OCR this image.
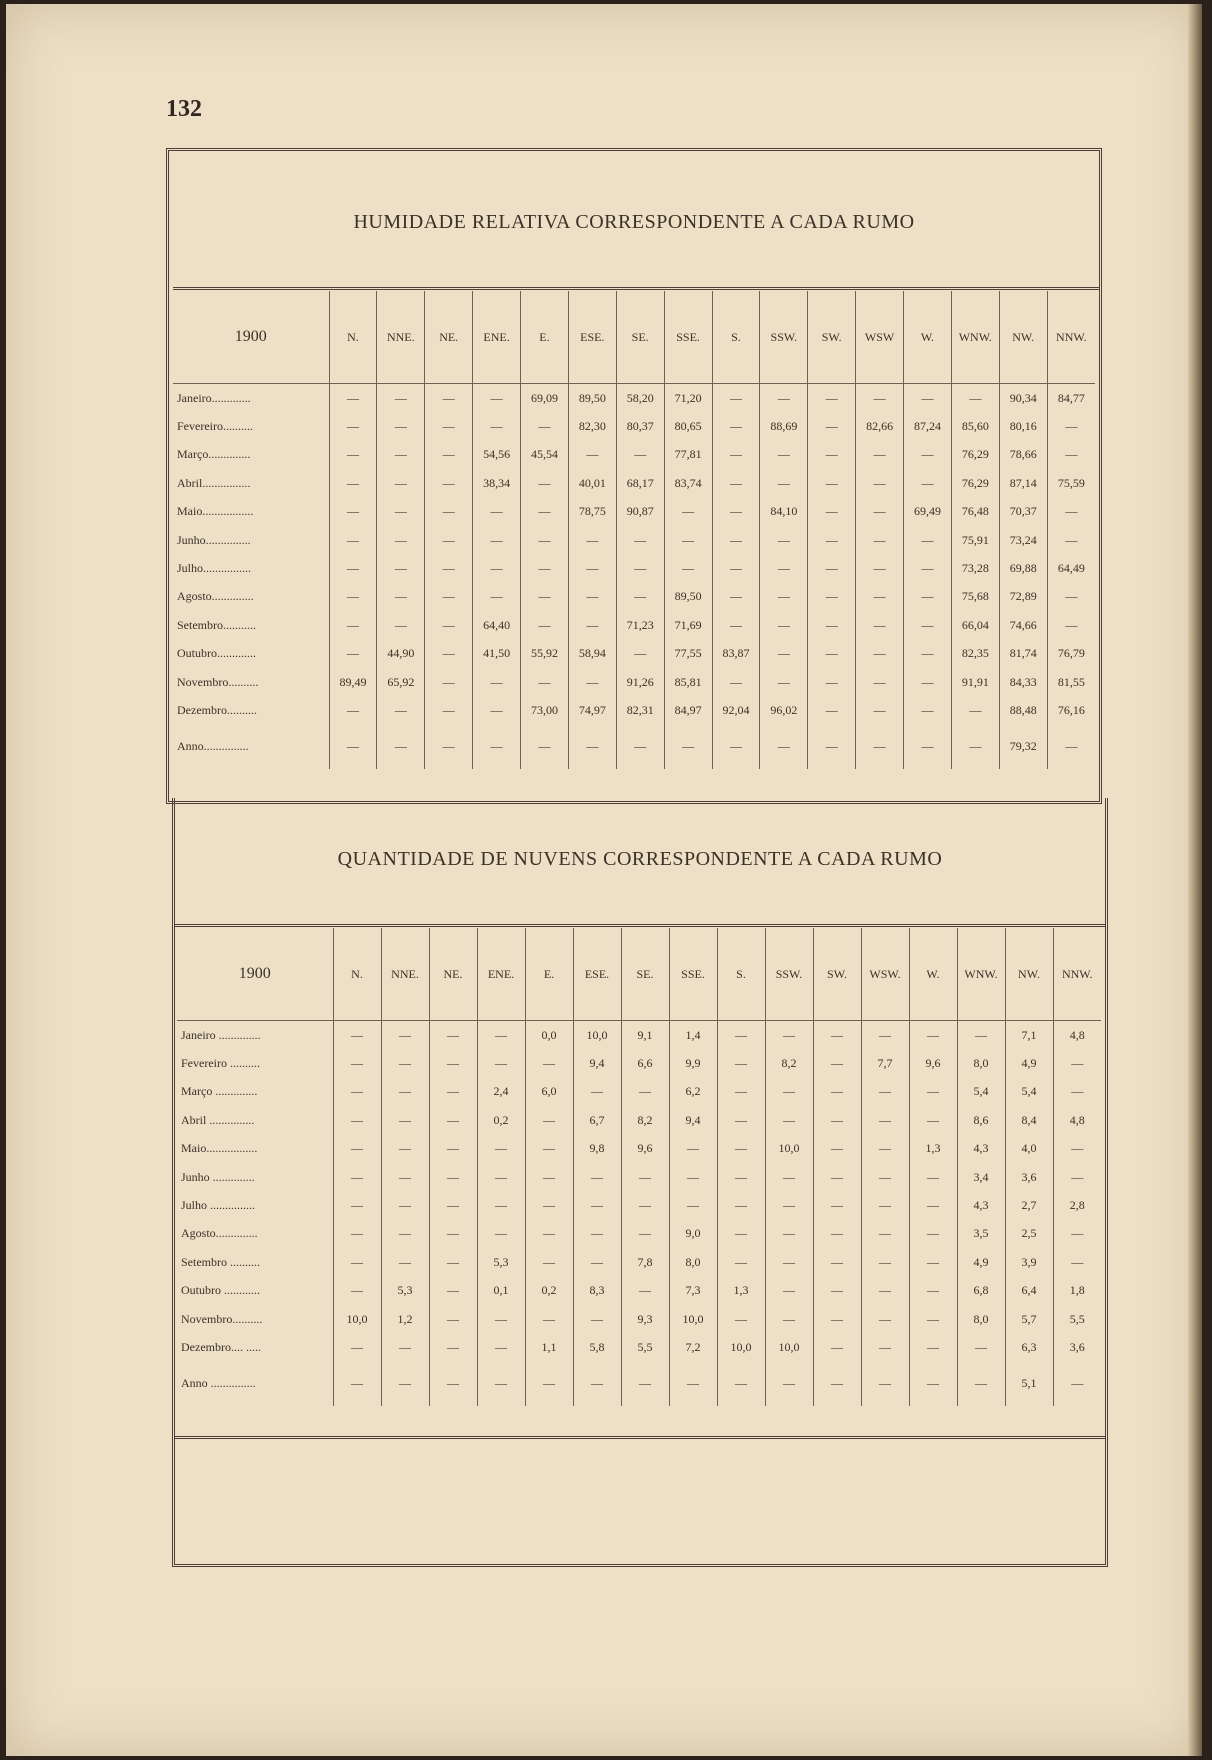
132
HUMIDADE RELATIVA CORRESPONDENTE A CADA RUMO
1900	N.	NNE.	NE.	ENE.	E.	ESE.	SE.	SSE.	S.	SSW.	SW.	WSW	W.	WNW.	NW.	NNW.
Janeiro.............	—	—	—	—	69,09	89,50	58,20	71,20	—	—	—	—	—	—	90,34	84,77
Fevereiro..........	—	—	—	—	—	82,30	80,37	80,65	—	88,69	—	82,66	87,24	85,60	80,16	—
Março..............	—	—	—	54,56	45,54	—	—	77,81	—	—	—	—	—	76,29	78,66	—
Abril................	—	—	—	38,34	—	40,01	68,17	83,74	—	—	—	—	—	76,29	87,14	75,59
Maio.................	—	—	—	—	—	78,75	90,87	—	—	84,10	—	—	69,49	76,48	70,37	—
Junho...............	—	—	—	—	—	—	—	—	—	—	—	—	—	75,91	73,24	—
Julho................	—	—	—	—	—	—	—	—	—	—	—	—	—	73,28	69,88	64,49
Agosto..............	—	—	—	—	—	—	—	89,50	—	—	—	—	—	75,68	72,89	—
Setembro...........	—	—	—	64,40	—	—	71,23	71,69	—	—	—	—	—	66,04	74,66	—
Outubro.............	—	44,90	—	41,50	55,92	58,94	—	77,55	83,87	—	—	—	—	82,35	81,74	76,79
Novembro..........	89,49	65,92	—	—	—	—	91,26	85,81	—	—	—	—	—	91,91	84,33	81,55
Dezembro..........	—	—	—	—	73,00	74,97	82,31	84,97	92,04	96,02	—	—	—	—	88,48	76,16
Anno...............	—	—	—	—	—	—	—	—	—	—	—	—	—	—	79,32	—
QUANTIDADE DE NUVENS CORRESPONDENTE A CADA RUMO
1900	N.	NNE.	NE.	ENE.	E.	ESE.	SE.	SSE.	S.	SSW.	SW.	WSW.	W.	WNW.	NW.	NNW.
Janeiro ..............	—	—	—	—	0,0	10,0	9,1	1,4	—	—	—	—	—	—	7,1	4,8
Fevereiro ..........	—	—	—	—	—	9,4	6,6	9,9	—	8,2	—	7,7	9,6	8,0	4,9	—
Março ..............	—	—	—	2,4	6,0	—	—	6,2	—	—	—	—	—	5,4	5,4	—
Abril ...............	—	—	—	0,2	—	6,7	8,2	9,4	—	—	—	—	—	8,6	8,4	4,8
Maio.................	—	—	—	—	—	9,8	9,6	—	—	10,0	—	—	1,3	4,3	4,0	—
Junho ..............	—	—	—	—	—	—	—	—	—	—	—	—	—	3,4	3,6	—
Julho ...............	—	—	—	—	—	—	—	—	—	—	—	—	—	4,3	2,7	2,8
Agosto..............	—	—	—	—	—	—	—	9,0	—	—	—	—	—	3,5	2,5	—
Setembro ..........	—	—	—	5,3	—	—	7,8	8,0	—	—	—	—	—	4,9	3,9	—
Outubro ............	—	5,3	—	0,1	0,2	8,3	—	7,3	1,3	—	—	—	—	6,8	6,4	1,8
Novembro..........	10,0	1,2	—	—	—	—	9,3	10,0	—	—	—	—	—	8,0	5,7	5,5
Dezembro.... .....	—	—	—	—	1,1	5,8	5,5	7,2	10,0	10,0	—	—	—	—	6,3	3,6
Anno ...............	—	—	—	—	—	—	—	—	—	—	—	—	—	—	5,1	—
